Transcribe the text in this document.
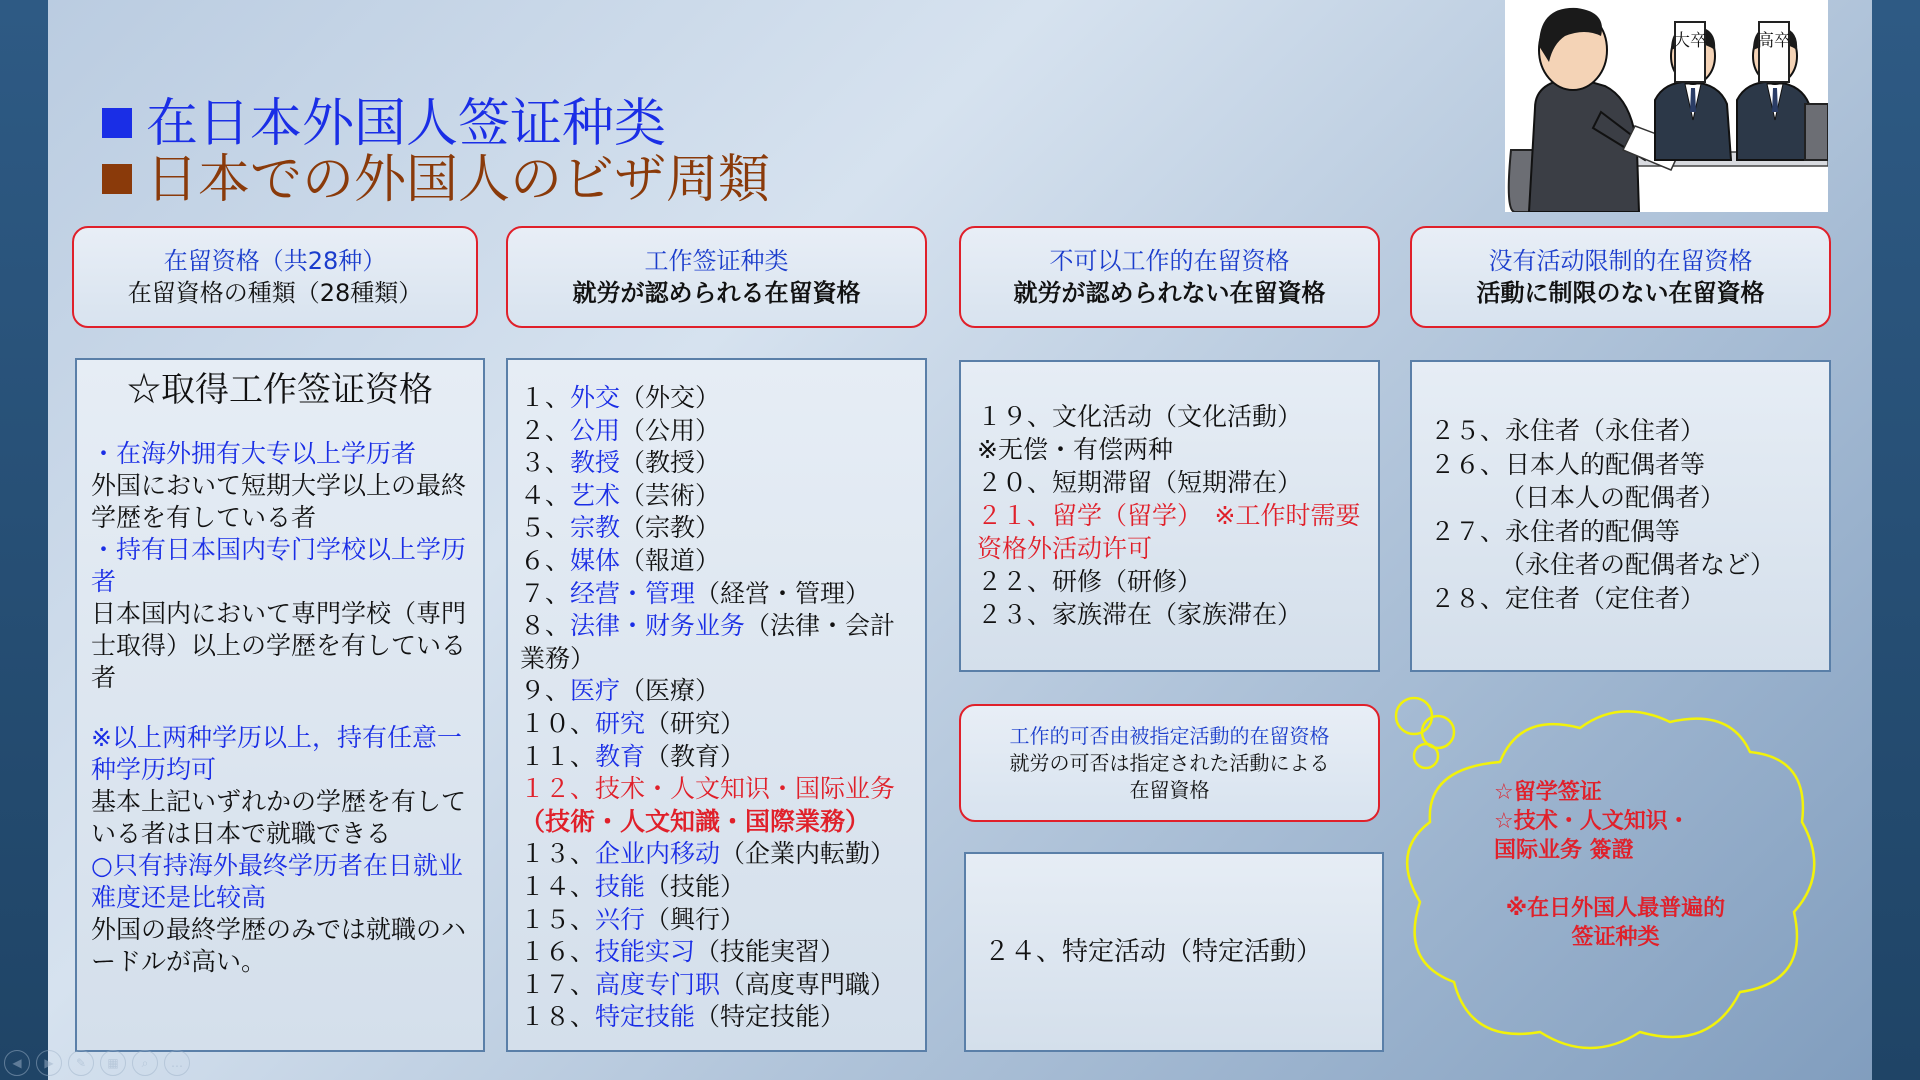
在日本外国人签证种类
日本での外国人のビザ周類
大卒	高卒
在留资格（共28种）
在留資格の種類（28種類）
工作签证种类
就労が認められる在留資格
不可以工作的在留资格
就労が認められない在留資格
没有活动限制的在留资格
活動に制限のない在留資格
☆取得工作签证资格

・在海外拥有大专以上学历者

外国において短期大学以上の最終学歴を有している者

・持有日本国内专门学校以上学历者

日本国内において専門学校（専門士取得）以上の学歴を有している者

※以上两种学历以上，持有任意一种学历均可

基本上記いずれかの学歴を有している者は日本で就職できる

○只有持海外最终学历者在日就业难度还是比较高

外国の最終学歴のみでは就職のハードルが高い。

１、外交（外交）
２、公用（公用）
３、教授（教授）
４、艺术（芸術）
５、宗教（宗教）
６、媒体（報道）
７、经营・管理（経営・管理）
８、法律・财务业务（法律・会計業務）
９、医疗（医療）
１０、研究（研究）
１１、教育（教育）
１２、技术・人文知识・国际业务（技術・人文知識・国際業務）
１３、企业内移动（企業内転勤）
１４、技能（技能）
１５、兴行（興行）
１６、技能实习（技能実習）
１７、高度专门职（高度専門職）
１８、特定技能（特定技能）
１９、文化活动（文化活動）
※无偿・有偿两种
２０、短期滞留（短期滞在）
２１、留学（留学）　※工作时需要资格外活动许可
２２、研修（研修）
２３、家族滞在（家族滞在）
２５、永住者（永住者）
２６、日本人的配偶者等
（日本人の配偶者）
２７、永住者的配偶等
（永住者の配偶者など）
２８、定住者（定住者）
工作的可否由被指定活動的在留资格
就労の可否は指定された活動による
在留資格
２４、特定活动（特定活動）
☆留学签证
☆技术・人文知识・
国际业务 簽證
※在日外国人最普遍的签证种类
◀	▶	✎	▦	⌕	…
